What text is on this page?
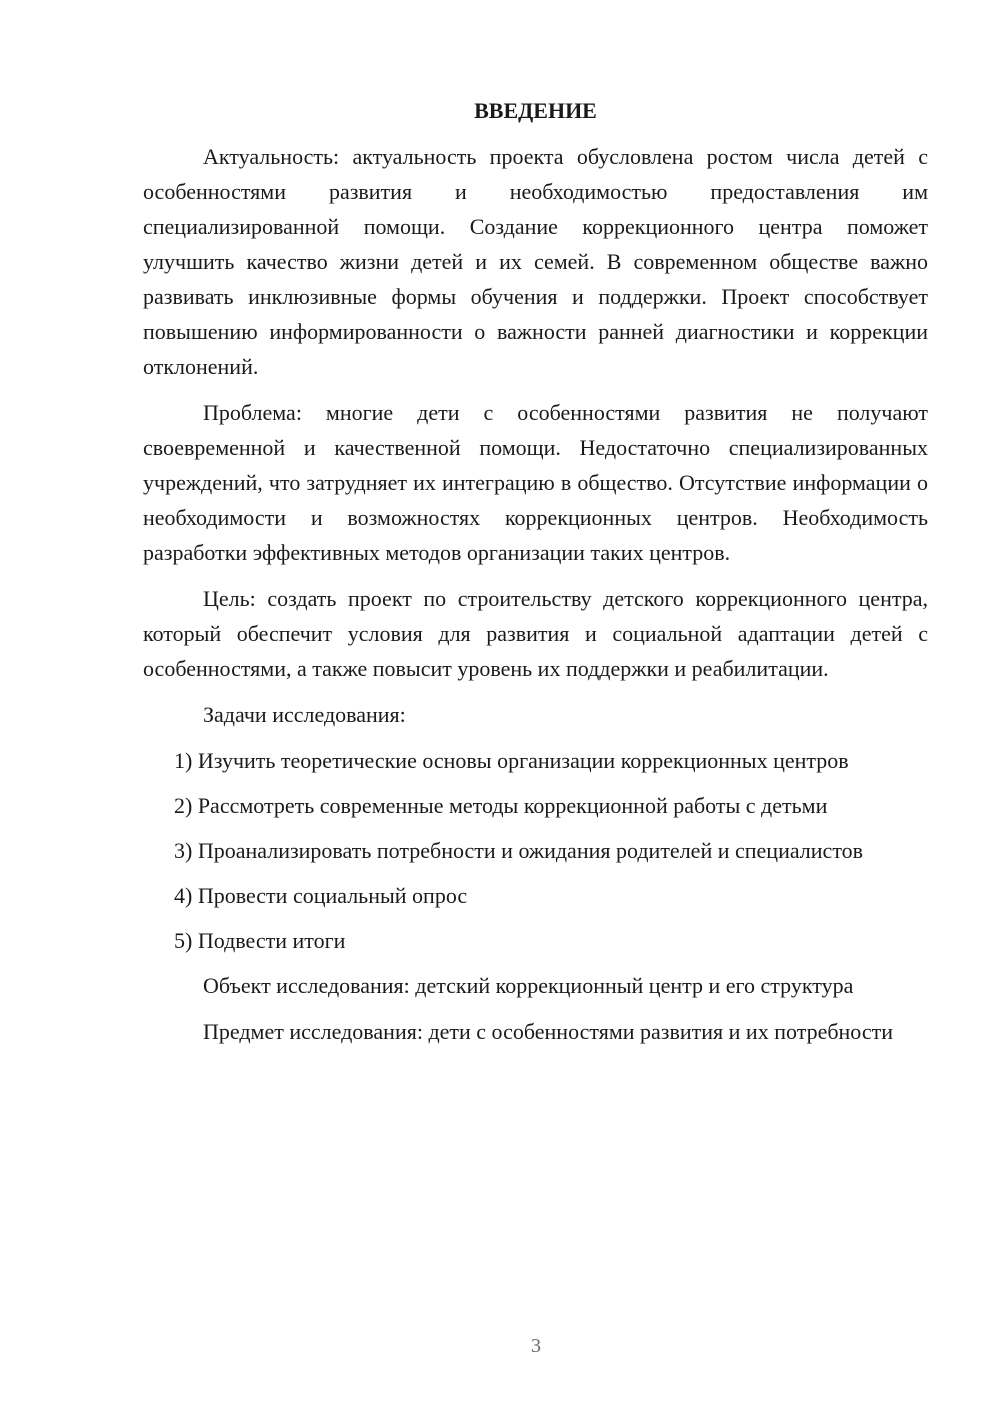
ВВЕДЕНИЕ

Актуальность: актуальность проекта обусловлена ростом числа детей с особенностями развития и необходимостью предоставления им специализированной помощи. Создание коррекционного центра поможет улучшить качество жизни детей и их семей. В современном обществе важно развивать инклюзивные формы обучения и поддержки. Проект способствует повышению информированности о важности ранней диагностики и коррекции отклонений.

Проблема: многие дети с особенностями развития не получают своевременной и качественной помощи. Недостаточно специализированных учреждений, что затрудняет их интеграцию в общество. Отсутствие информации о необходимости и возможностях коррекционных центров. Необходимость разработки эффективных методов организации таких центров.

Цель: создать проект по строительству детского коррекционного центра, который обеспечит условия для развития и социальной адаптации детей с особенностями, а также повысит уровень их поддержки и реабилитации.

Задачи исследования:

1) Изучить теоретические основы организации коррекционных центров

2) Рассмотреть современные методы коррекционной работы с детьми

3) Проанализировать потребности и ожидания родителей и специалистов

4) Провести социальный опрос

5) Подвести итоги

Объект исследования: детский коррекционный центр и его структура

Предмет исследования: дети с особенностями развития и их потребности

3
